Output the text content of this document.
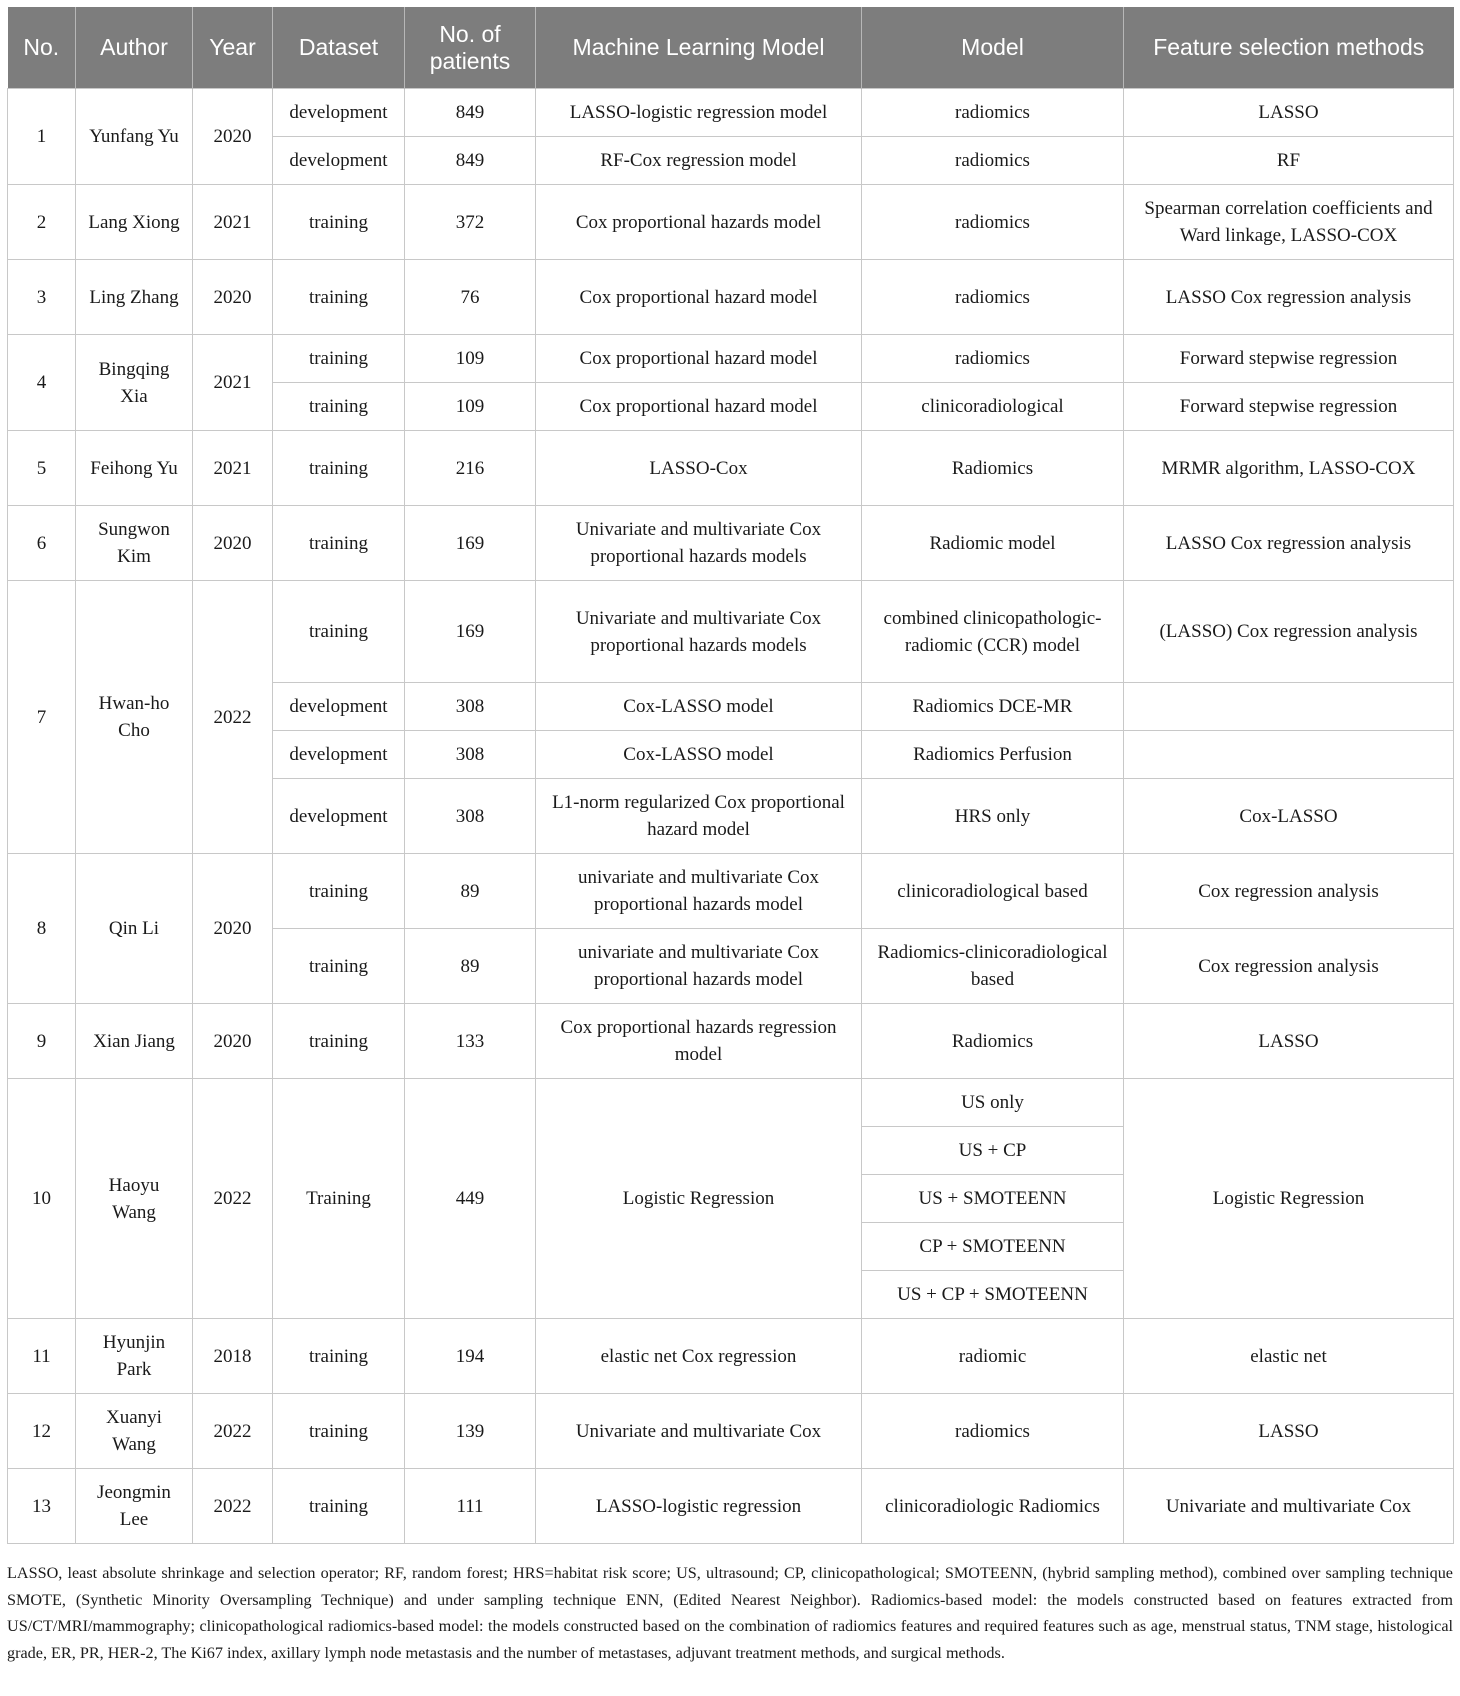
No.	Author	Year	Dataset	No. of patients	Machine Learning Model	Model	Feature selection methods
1	Yunfang Yu	2020	development	849	LASSO-logistic regression model	radiomics	LASSO
			development	849	RF-Cox regression model	radiomics	RF
2	Lang Xiong	2021	training	372	Cox proportional hazards model	radiomics	Spearman correlation coefficients and Ward linkage, LASSO-COX
3	Ling Zhang	2020	training	76	Cox proportional hazard model	radiomics	LASSO Cox regression analysis
4	Bingqing Xia	2021	training	109	Cox proportional hazard model	radiomics	Forward stepwise regression
			training	109	Cox proportional hazard model	clinicoradiological	Forward stepwise regression
5	Feihong Yu	2021	training	216	LASSO-Cox	Radiomics	MRMR algorithm, LASSO-COX
6	Sungwon Kim	2020	training	169	Univariate and multivariate Cox proportional hazards models	Radiomic model	LASSO Cox regression analysis
7	Hwan-ho Cho	2022	training	169	Univariate and multivariate Cox proportional hazards models	combined clinicopathologic-radiomic (CCR) model	(LASSO) Cox regression analysis
			development	308	Cox-LASSO model	Radiomics DCE-MR	
			development	308	Cox-LASSO model	Radiomics Perfusion	
			development	308	L1-norm regularized Cox proportional hazard model	HRS only	Cox-LASSO
8	Qin Li	2020	training	89	univariate and multivariate Cox proportional hazards model	clinicoradiological based	Cox regression analysis
			training	89	univariate and multivariate Cox proportional hazards model	Radiomics-clinicoradiological based	Cox regression analysis
9	Xian Jiang	2020	training	133	Cox proportional hazards regression model	Radiomics	LASSO
10	Haoyu Wang	2022	Training	449	Logistic Regression	US only	Logistic Regression
						US + CP	
						US + SMOTEENN	
						CP + SMOTEENN	
						US + CP + SMOTEENN	
11	Hyunjin Park	2018	training	194	elastic net Cox regression	radiomic	elastic net
12	Xuanyi Wang	2022	training	139	Univariate and multivariate Cox	radiomics	LASSO
13	Jeongmin Lee	2022	training	111	LASSO-logistic regression	clinicoradiologic Radiomics	Univariate and multivariate Cox
LASSO, least absolute shrinkage and selection operator; RF, random forest; HRS=habitat risk score; US, ultrasound; CP, clinicopathological; SMOTEENN, (hybrid sampling method), combined over sampling technique SMOTE, (Synthetic Minority Oversampling Technique) and under sampling technique ENN, (Edited Nearest Neighbor). Radiomics-based model: the models constructed based on features extracted from US/CT/MRI/mammography; clinicopathological radiomics-based model: the models constructed based on the combination of radiomics features and required features such as age, menstrual status, TNM stage, histological grade, ER, PR, HER-2, The Ki67 index, axillary lymph node metastasis and the number of metastases, adjuvant treatment methods, and surgical methods.
